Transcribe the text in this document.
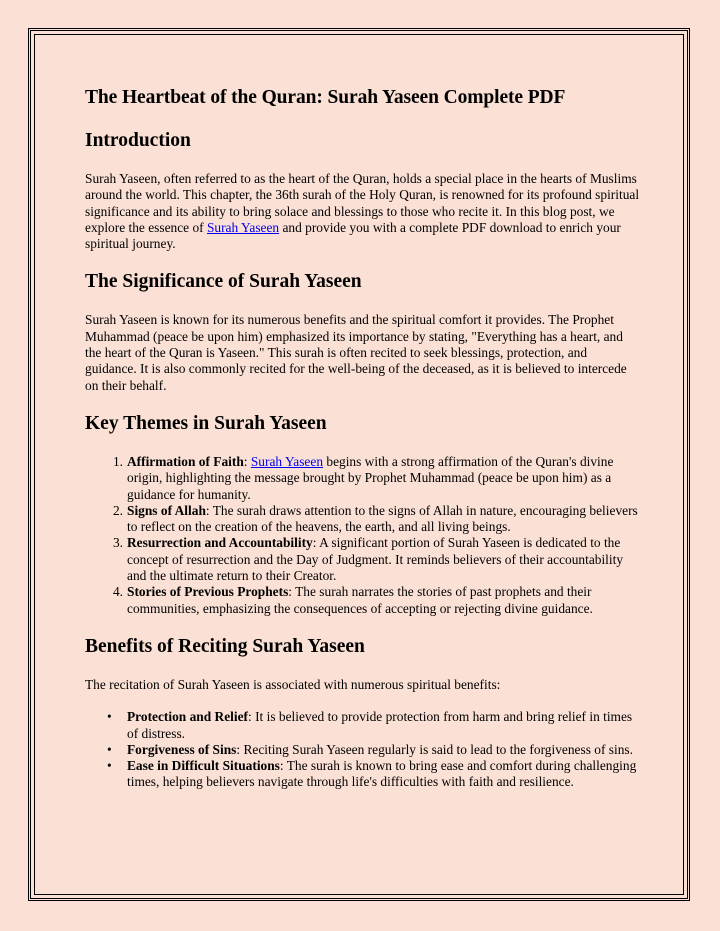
The Heartbeat of the Quran: Surah Yaseen Complete PDF
Introduction

Surah Yaseen, often referred to as the heart of the Quran, holds a special place in the hearts of Muslims around the world. This chapter, the 36th surah of the Holy Quran, is renowned for its profound spiritual significance and its ability to bring solace and blessings to those who recite it. In this blog post, we explore the essence of Surah Yaseen and provide you with a complete PDF download to enrich your spiritual journey.

The Significance of Surah Yaseen

Surah Yaseen is known for its numerous benefits and the spiritual comfort it provides. The Prophet Muhammad (peace be upon him) emphasized its importance by stating, "Everything has a heart, and the heart of the Quran is Yaseen." This surah is often recited to seek blessings, protection, and guidance. It is also commonly recited for the well-being of the deceased, as it is believed to intercede on their behalf.

Key Themes in Surah Yaseen
1. Affirmation of Faith: Surah Yaseen begins with a strong affirmation of the Quran's divine origin, highlighting the message brought by Prophet Muhammad (peace be upon him) as a guidance for humanity.
2. Signs of Allah: The surah draws attention to the signs of Allah in nature, encouraging believers to reflect on the creation of the heavens, the earth, and all living beings.
3. Resurrection and Accountability: A significant portion of Surah Yaseen is dedicated to the concept of resurrection and the Day of Judgment. It reminds believers of their accountability and the ultimate return to their Creator.
4. Stories of Previous Prophets: The surah narrates the stories of past prophets and their communities, emphasizing the consequences of accepting or rejecting divine guidance.
Benefits of Reciting Surah Yaseen

The recitation of Surah Yaseen is associated with numerous spiritual benefits:

• Protection and Relief: It is believed to provide protection from harm and bring relief in times of distress.
• Forgiveness of Sins: Reciting Surah Yaseen regularly is said to lead to the forgiveness of sins.
• Ease in Difficult Situations: The surah is known to bring ease and comfort during challenging times, helping believers navigate through life's difficulties with faith and resilience.
